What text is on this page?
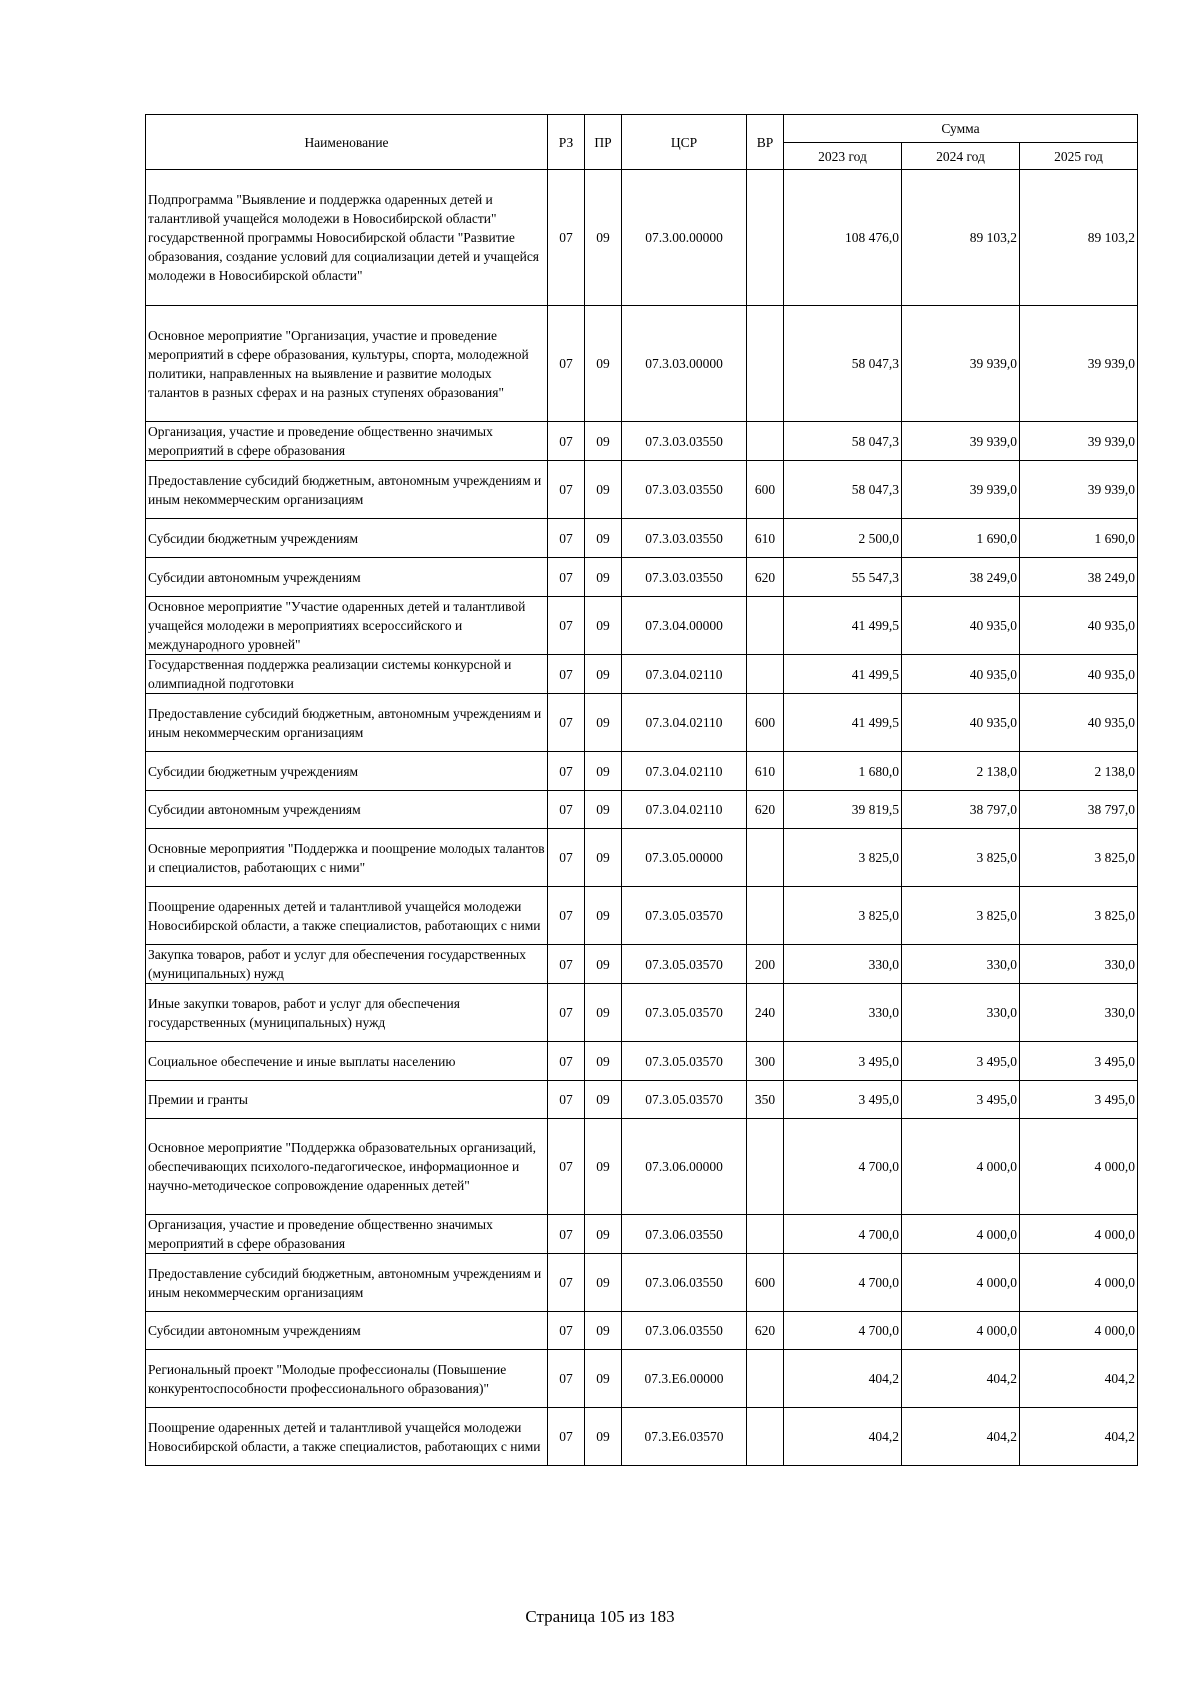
Наименование	РЗ	ПР	ЦСР	ВР	Сумма		
					2023 год	2024 год	2025 год
Подпрограмма "Выявление и поддержка одаренных детей и талантливой учащейся молодежи в Новосибирской области" государственной программы Новосибирской области "Развитие образования, создание условий для социализации детей и учащейся молодежи в Новосибирской области"	07	09	07.3.00.00000		108 476,0	89 103,2	89 103,2
Основное мероприятие "Организация, участие и проведение мероприятий в сфере образования, культуры, спорта, молодежной политики, направленных на выявление и развитие молодых талантов в разных сферах и на разных ступенях образования"	07	09	07.3.03.00000		58 047,3	39 939,0	39 939,0
Организация, участие и проведение общественно значимых мероприятий в сфере образования	07	09	07.3.03.03550		58 047,3	39 939,0	39 939,0
Предоставление субсидий бюджетным, автономным учреждениям и иным некоммерческим организациям	07	09	07.3.03.03550	600	58 047,3	39 939,0	39 939,0
Субсидии бюджетным учреждениям	07	09	07.3.03.03550	610	2 500,0	1 690,0	1 690,0
Субсидии автономным учреждениям	07	09	07.3.03.03550	620	55 547,3	38 249,0	38 249,0
Основное мероприятие "Участие одаренных детей и талантливой учащейся молодежи в мероприятиях всероссийского и международного уровней"	07	09	07.3.04.00000		41 499,5	40 935,0	40 935,0
Государственная поддержка реализации системы конкурсной и олимпиадной подготовки	07	09	07.3.04.02110		41 499,5	40 935,0	40 935,0
Предоставление субсидий бюджетным, автономным учреждениям и иным некоммерческим организациям	07	09	07.3.04.02110	600	41 499,5	40 935,0	40 935,0
Субсидии бюджетным учреждениям	07	09	07.3.04.02110	610	1 680,0	2 138,0	2 138,0
Субсидии автономным учреждениям	07	09	07.3.04.02110	620	39 819,5	38 797,0	38 797,0
Основные мероприятия "Поддержка и поощрение молодых талантов и специалистов, работающих с ними"	07	09	07.3.05.00000		3 825,0	3 825,0	3 825,0
Поощрение одаренных детей и талантливой учащейся молодежи Новосибирской области, а также специалистов, работающих с ними	07	09	07.3.05.03570		3 825,0	3 825,0	3 825,0
Закупка товаров, работ и услуг для обеспечения государственных (муниципальных) нужд	07	09	07.3.05.03570	200	330,0	330,0	330,0
Иные закупки товаров, работ и услуг для обеспечения государственных (муниципальных) нужд	07	09	07.3.05.03570	240	330,0	330,0	330,0
Социальное обеспечение и иные выплаты населению	07	09	07.3.05.03570	300	3 495,0	3 495,0	3 495,0
Премии и гранты	07	09	07.3.05.03570	350	3 495,0	3 495,0	3 495,0
Основное мероприятие "Поддержка образовательных организаций, обеспечивающих психолого-педагогическое, информационное и научно-методическое сопровождение одаренных детей"	07	09	07.3.06.00000		4 700,0	4 000,0	4 000,0
Организация, участие и проведение общественно значимых мероприятий в сфере образования	07	09	07.3.06.03550		4 700,0	4 000,0	4 000,0
Предоставление субсидий бюджетным, автономным учреждениям и иным некоммерческим организациям	07	09	07.3.06.03550	600	4 700,0	4 000,0	4 000,0
Субсидии автономным учреждениям	07	09	07.3.06.03550	620	4 700,0	4 000,0	4 000,0
Региональный проект "Молодые профессионалы (Повышение конкурентоспособности профессионального образования)"	07	09	07.3.Е6.00000		404,2	404,2	404,2
Поощрение одаренных детей и талантливой учащейся молодежи Новосибирской области, а также специалистов, работающих с ними	07	09	07.3.Е6.03570		404,2	404,2	404,2
Страница 105 из 183
